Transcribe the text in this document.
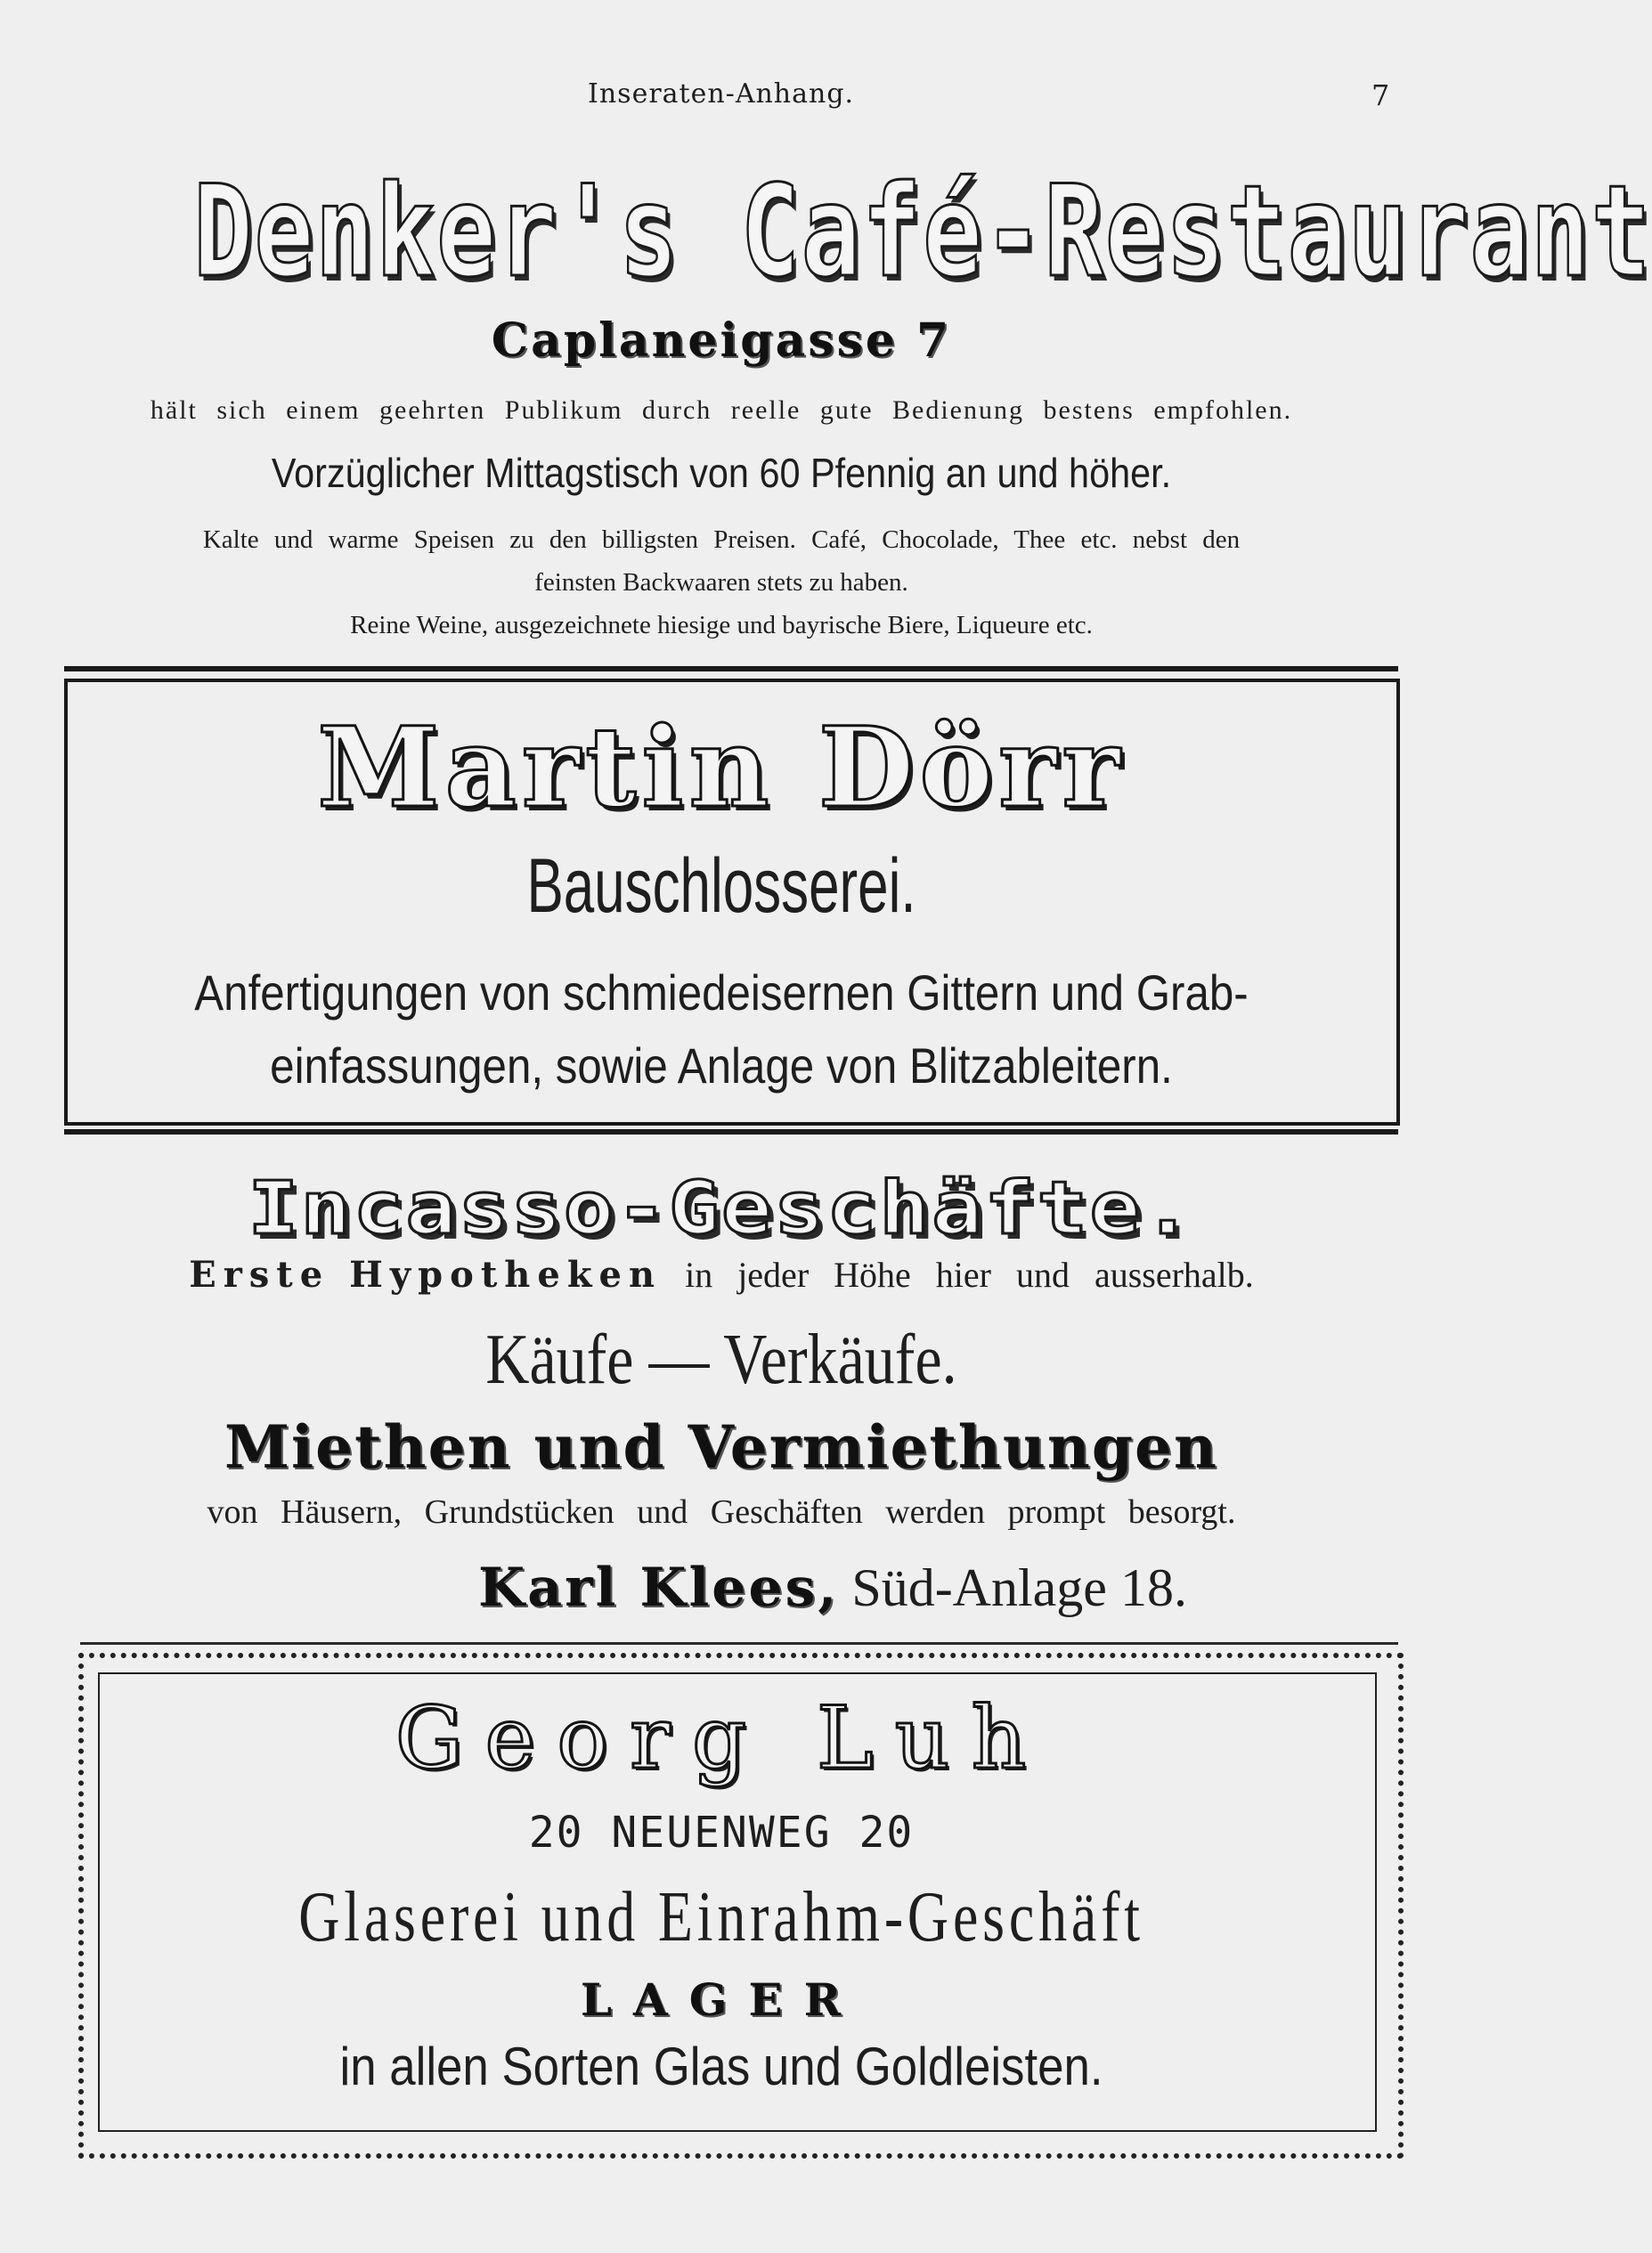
Inseraten-Anhang.	7
Denker's Café-Restaurant
Caplaneigasse 7
hält sich einem geehrten Publikum durch reelle gute Bedienung bestens empfohlen.
Vorzüglicher Mittagstisch von 60 Pfennig an und höher.
Kalte und warme Speisen zu den billigsten Preisen. Café, Chocolade, Thee etc. nebst den
feinsten Backwaaren stets zu haben.
Reine Weine, ausgezeichnete hiesige und bayrische Biere, Liqueure etc.
Martin Dörr
Bauschlosserei.
Anfertigungen von schmiedeisernen Gittern und Grab-
einfassungen, sowie Anlage von Blitzableitern.
Incasso-Geschäfte.
Erste Hypotheken in jeder Höhe hier und ausserhalb.
Käufe — Verkäufe.
Miethen und Vermiethungen
von Häusern, Grundstücken und Geschäften werden prompt besorgt.
Karl Klees, Süd-Anlage 18.
Georg Luh
20 NEUENWEG 20
Glaserei und Einrahm-Geschäft
LAGER
in allen Sorten Glas und Goldleisten.
